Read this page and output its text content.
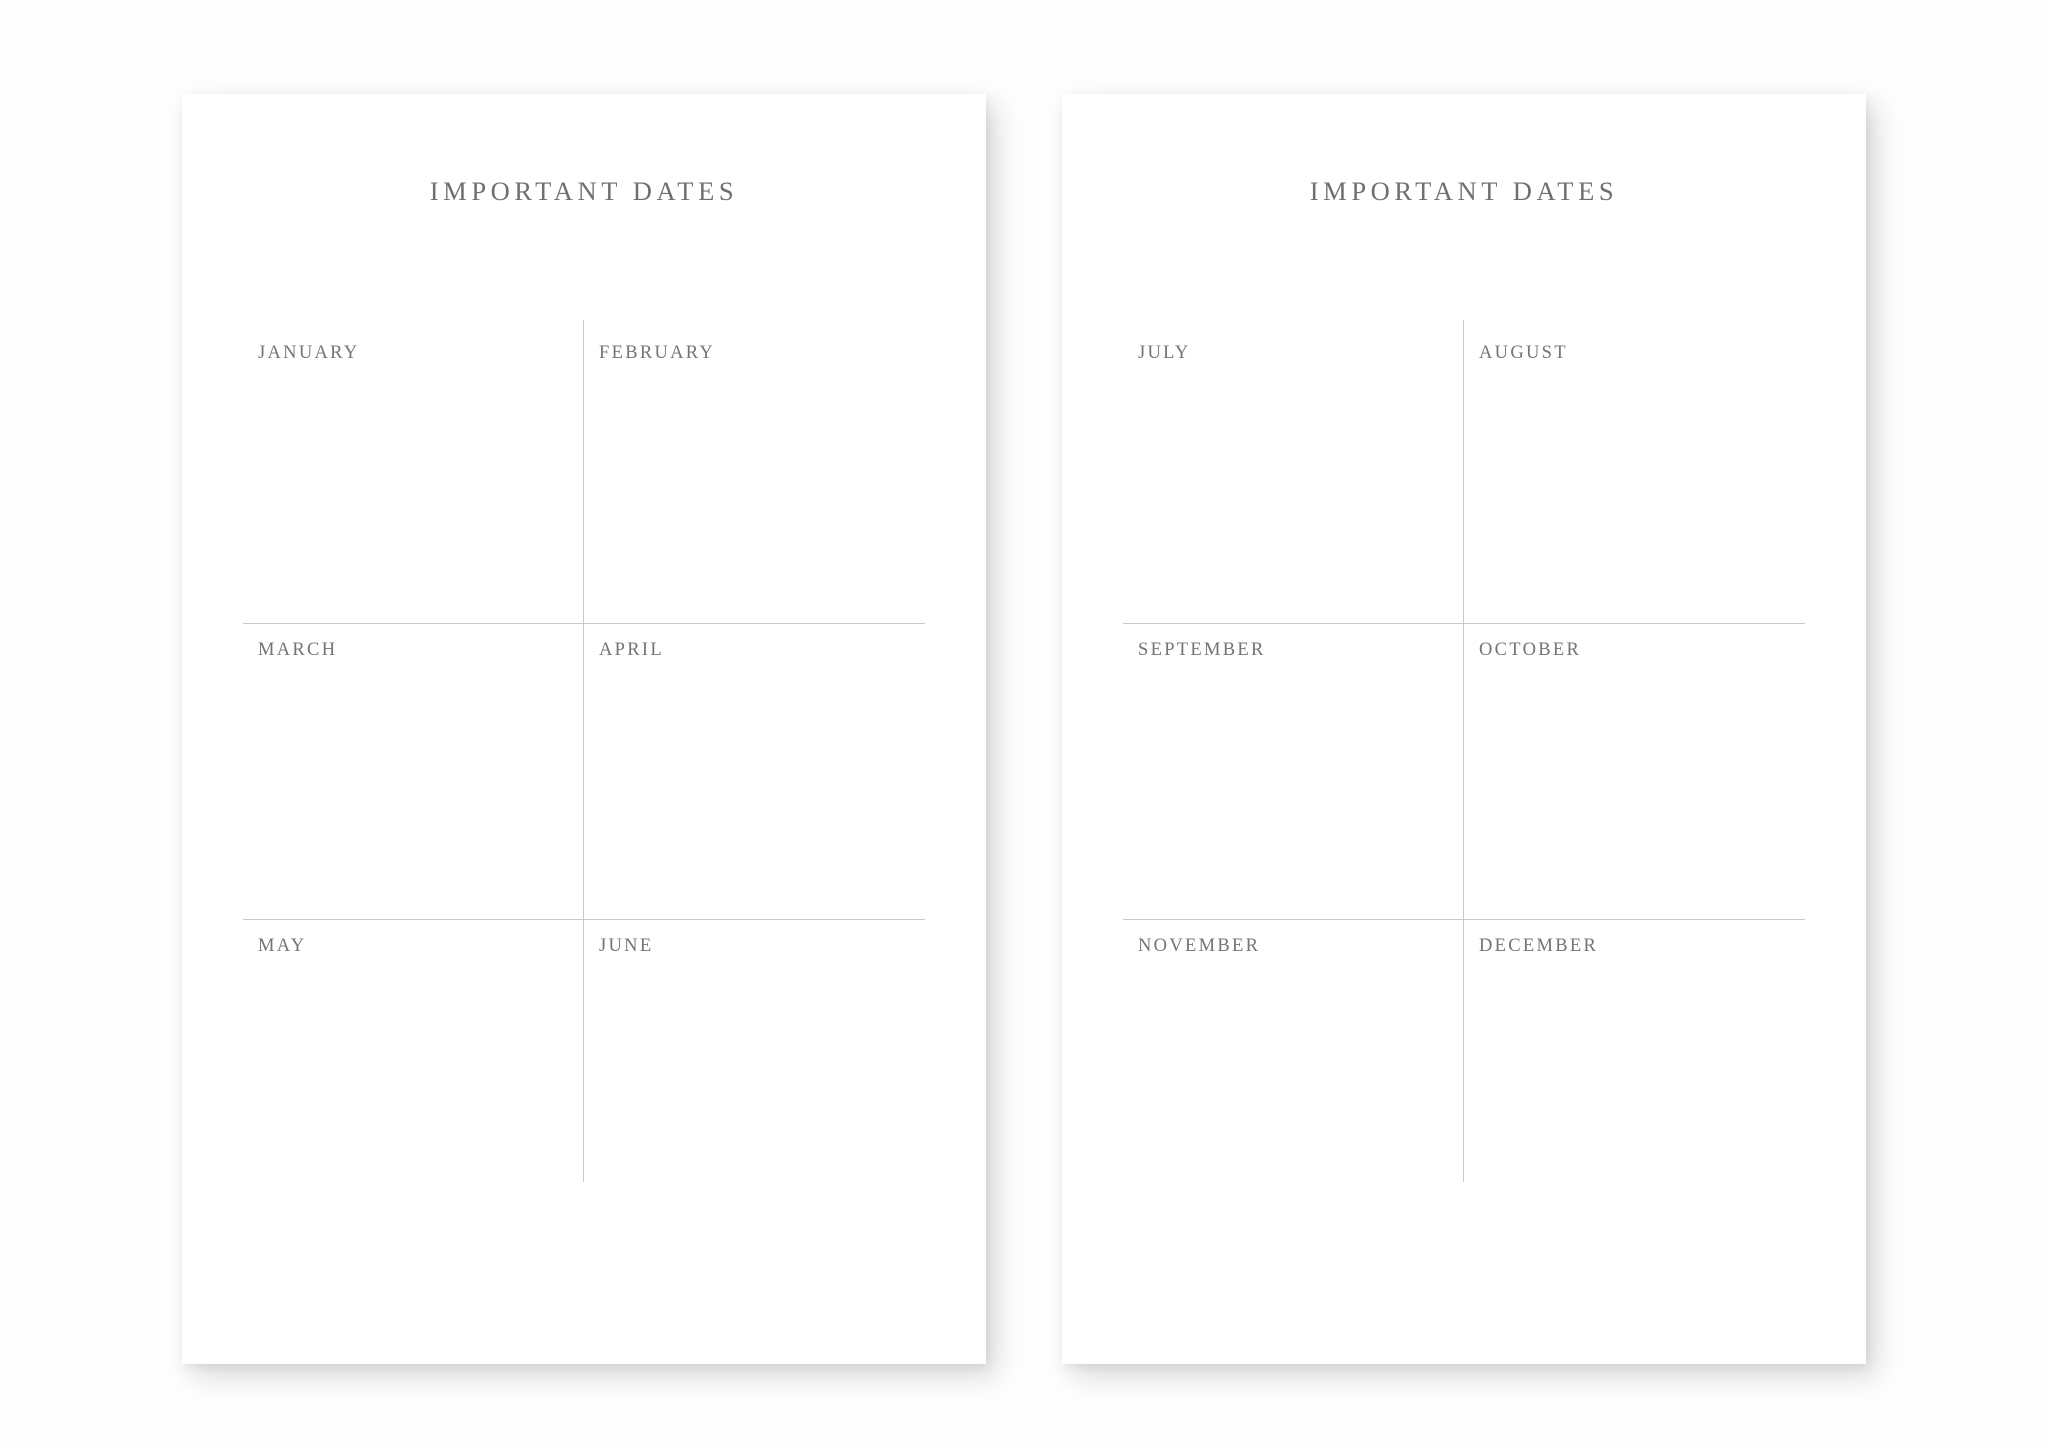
IMPORTANT DATES
JANUARY	FEBRUARY
MARCH	APRIL
MAY	JUNE
IMPORTANT DATES
JULY	AUGUST
SEPTEMBER	OCTOBER
NOVEMBER	DECEMBER
